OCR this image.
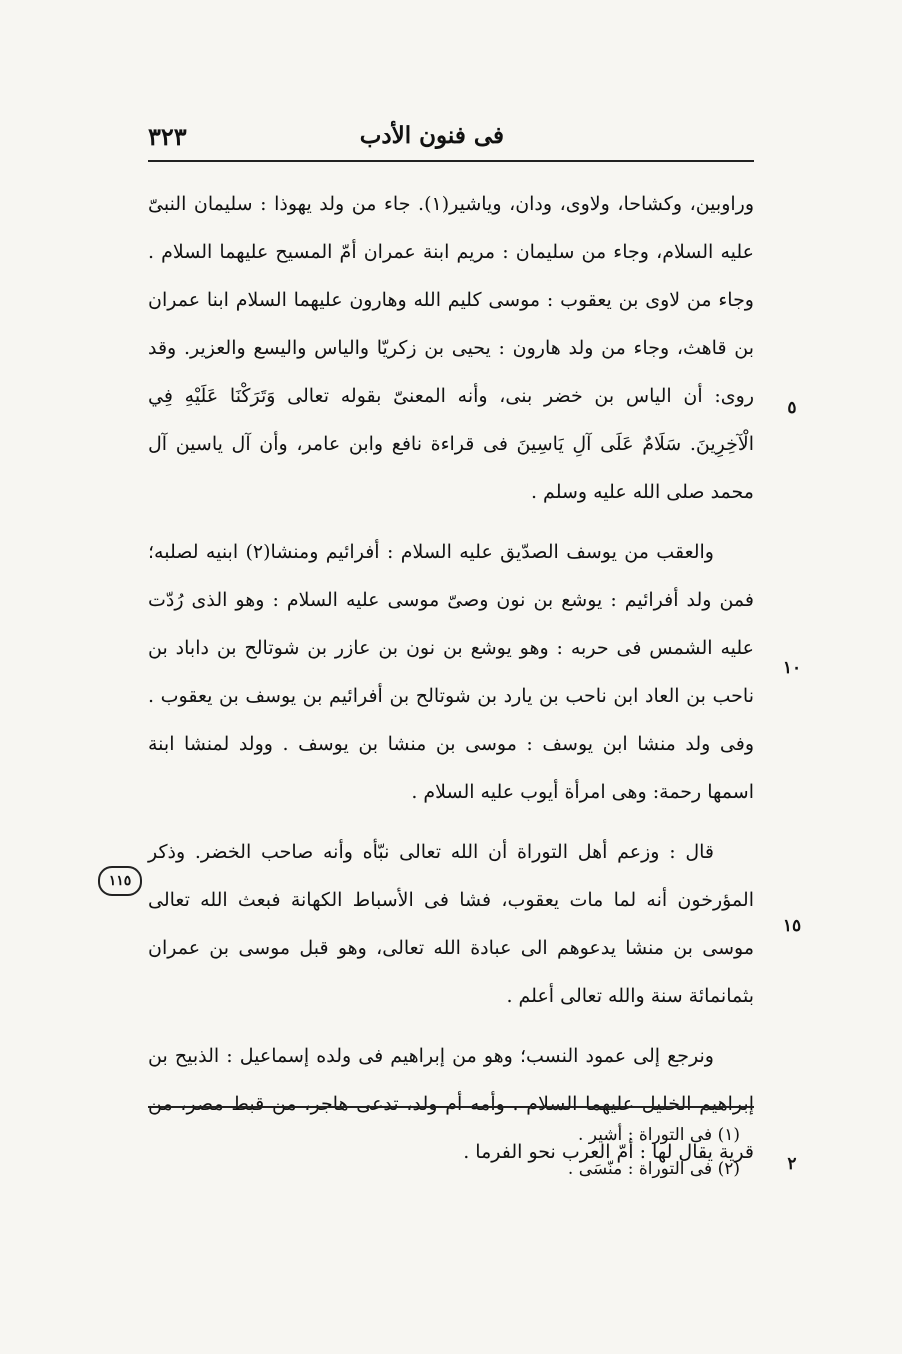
فى فنون الأدب
٣٢٣

وراوبين، وكشاحا، ولاوى، ودان، وياشير(١). جاء من ولد يهوذا : سليمان النبىّ عليه السلام، وجاء من سليمان : مريم ابنة عمران أمّ المسيح عليهما السلام . وجاء من لاوى بن يعقوب : موسى كليم الله وهارون عليهما السلام ابنا عمران بن قاهث، وجاء من ولد هارون : يحيى بن زكريّا والياس واليسع والعزير. وقد روى: أن الياس بن خضر بنى، وأنه المعنىّ بقوله تعالى وَتَرَكْنَا عَلَيْهِ فِي الْآخِرِينَ. سَلَامٌ عَلَى آلِ يَاسِينَ فى قراءة نافع وابن عامر، وأن آل ياسين آل محمد صلى الله عليه وسلم .

والعقب من يوسف الصدّيق عليه السلام : أفرائيم ومنشا(٢) ابنيه لصلبه؛ فمن ولد أفرائيم : يوشع بن نون وصىّ موسى عليه السلام : وهو الذى رُدّت عليه الشمس فى حربه : وهو يوشع بن نون بن عازر بن شوتالح بن داباد بن ناحب بن العاد ابن ناحب بن يارد بن شوتالح بن أفرائيم بن يوسف بن يعقوب . وفى ولد منشا ابن يوسف : موسى بن منشا بن يوسف . وولد لمنشا ابنة اسمها رحمة: وهى امرأة أيوب عليه السلام .

قال : وزعم أهل التوراة أن الله تعالى نبّأه وأنه صاحب الخضر. وذكر المؤرخون أنه لما مات يعقوب، فشا فى الأسباط الكهانة فبعث الله تعالى موسى بن منشا يدعوهم الى عبادة الله تعالى، وهو قبل موسى بن عمران بثمانمائة سنة والله تعالى أعلم .

ونرجع إلى عمود النسب؛ وهو من إبراهيم فى ولده إسماعيل : الذبيح بن إبراهيم الخليل عليهما السلام . وأمه أم ولد، تدعى هاجر، من قبط مصر، من قرية يقال لها : أمّ العرب نحو الفرما .

٥
١٠
١٥
١١٥

(١) فى التوراة : أشير .

(٢) فى التوراة : منّسَى .	٢
